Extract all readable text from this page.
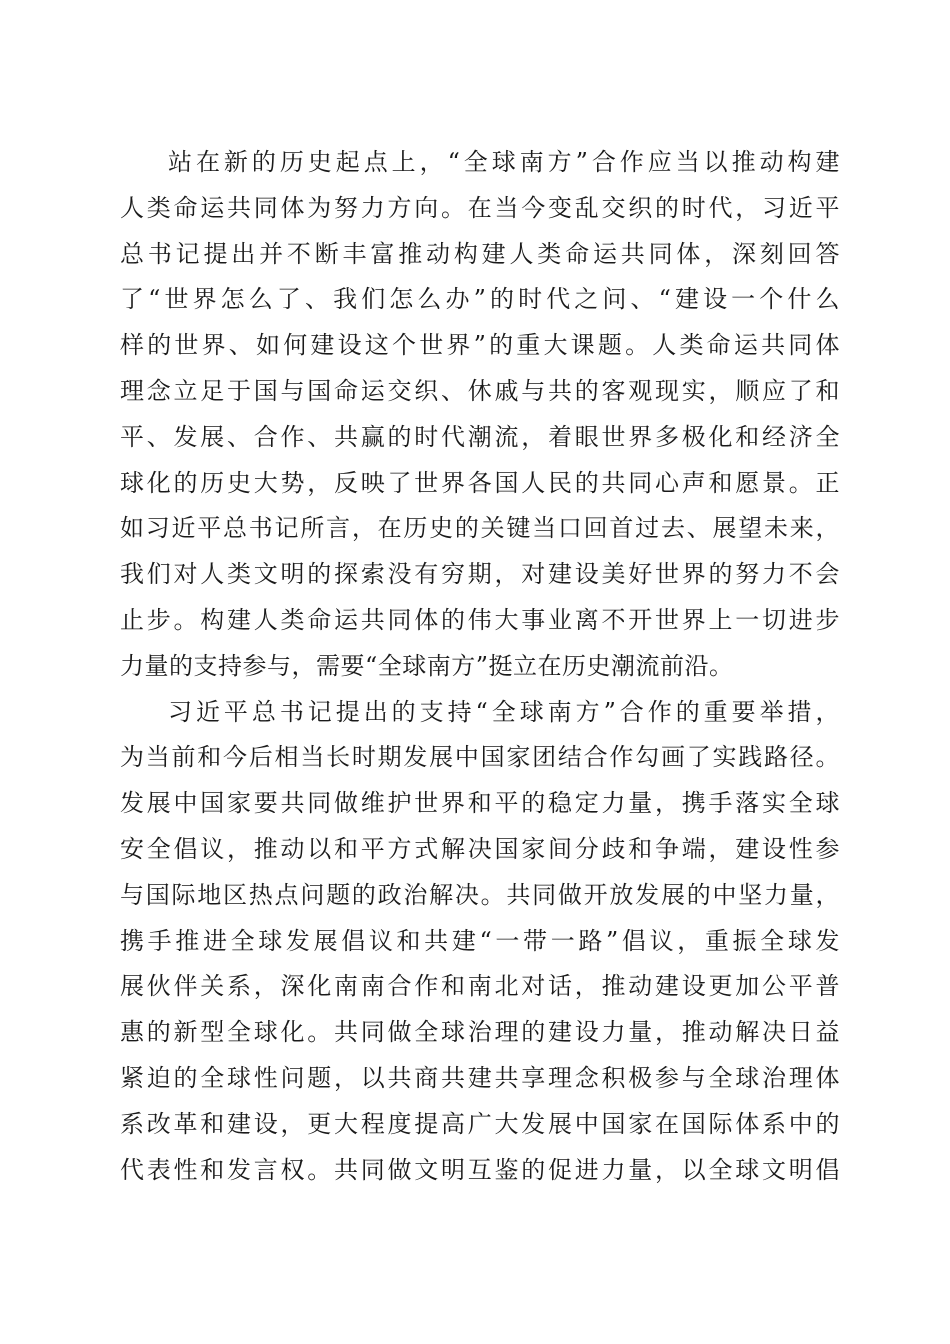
站在新的历史起点上，“全球南方”合作应当以推动构建
人类命运共同体为努力方向。在当今变乱交织的时代，习近平
总书记提出并不断丰富推动构建人类命运共同体，深刻回答
了“世界怎么了、我们怎么办”的时代之问、“建设一个什么
样的世界、如何建设这个世界”的重大课题。人类命运共同体
理念立足于国与国命运交织、休戚与共的客观现实，顺应了和
平、发展、合作、共赢的时代潮流，着眼世界多极化和经济全
球化的历史大势，反映了世界各国人民的共同心声和愿景。正
如习近平总书记所言，在历史的关键当口回首过去、展望未来，
我们对人类文明的探索没有穷期，对建设美好世界的努力不会
止步。构建人类命运共同体的伟大事业离不开世界上一切进步
力量的支持参与，需要“全球南方”挺立在历史潮流前沿。
习近平总书记提出的支持“全球南方”合作的重要举措，
为当前和今后相当长时期发展中国家团结合作勾画了实践路径。
发展中国家要共同做维护世界和平的稳定力量，携手落实全球
安全倡议，推动以和平方式解决国家间分歧和争端，建设性参
与国际地区热点问题的政治解决。共同做开放发展的中坚力量，
携手推进全球发展倡议和共建“一带一路”倡议，重振全球发
展伙伴关系，深化南南合作和南北对话，推动建设更加公平普
惠的新型全球化。共同做全球治理的建设力量，推动解决日益
紧迫的全球性问题，以共商共建共享理念积极参与全球治理体
系改革和建设，更大程度提高广大发展中国家在国际体系中的
代表性和发言权。共同做文明互鉴的促进力量，以全球文明倡
